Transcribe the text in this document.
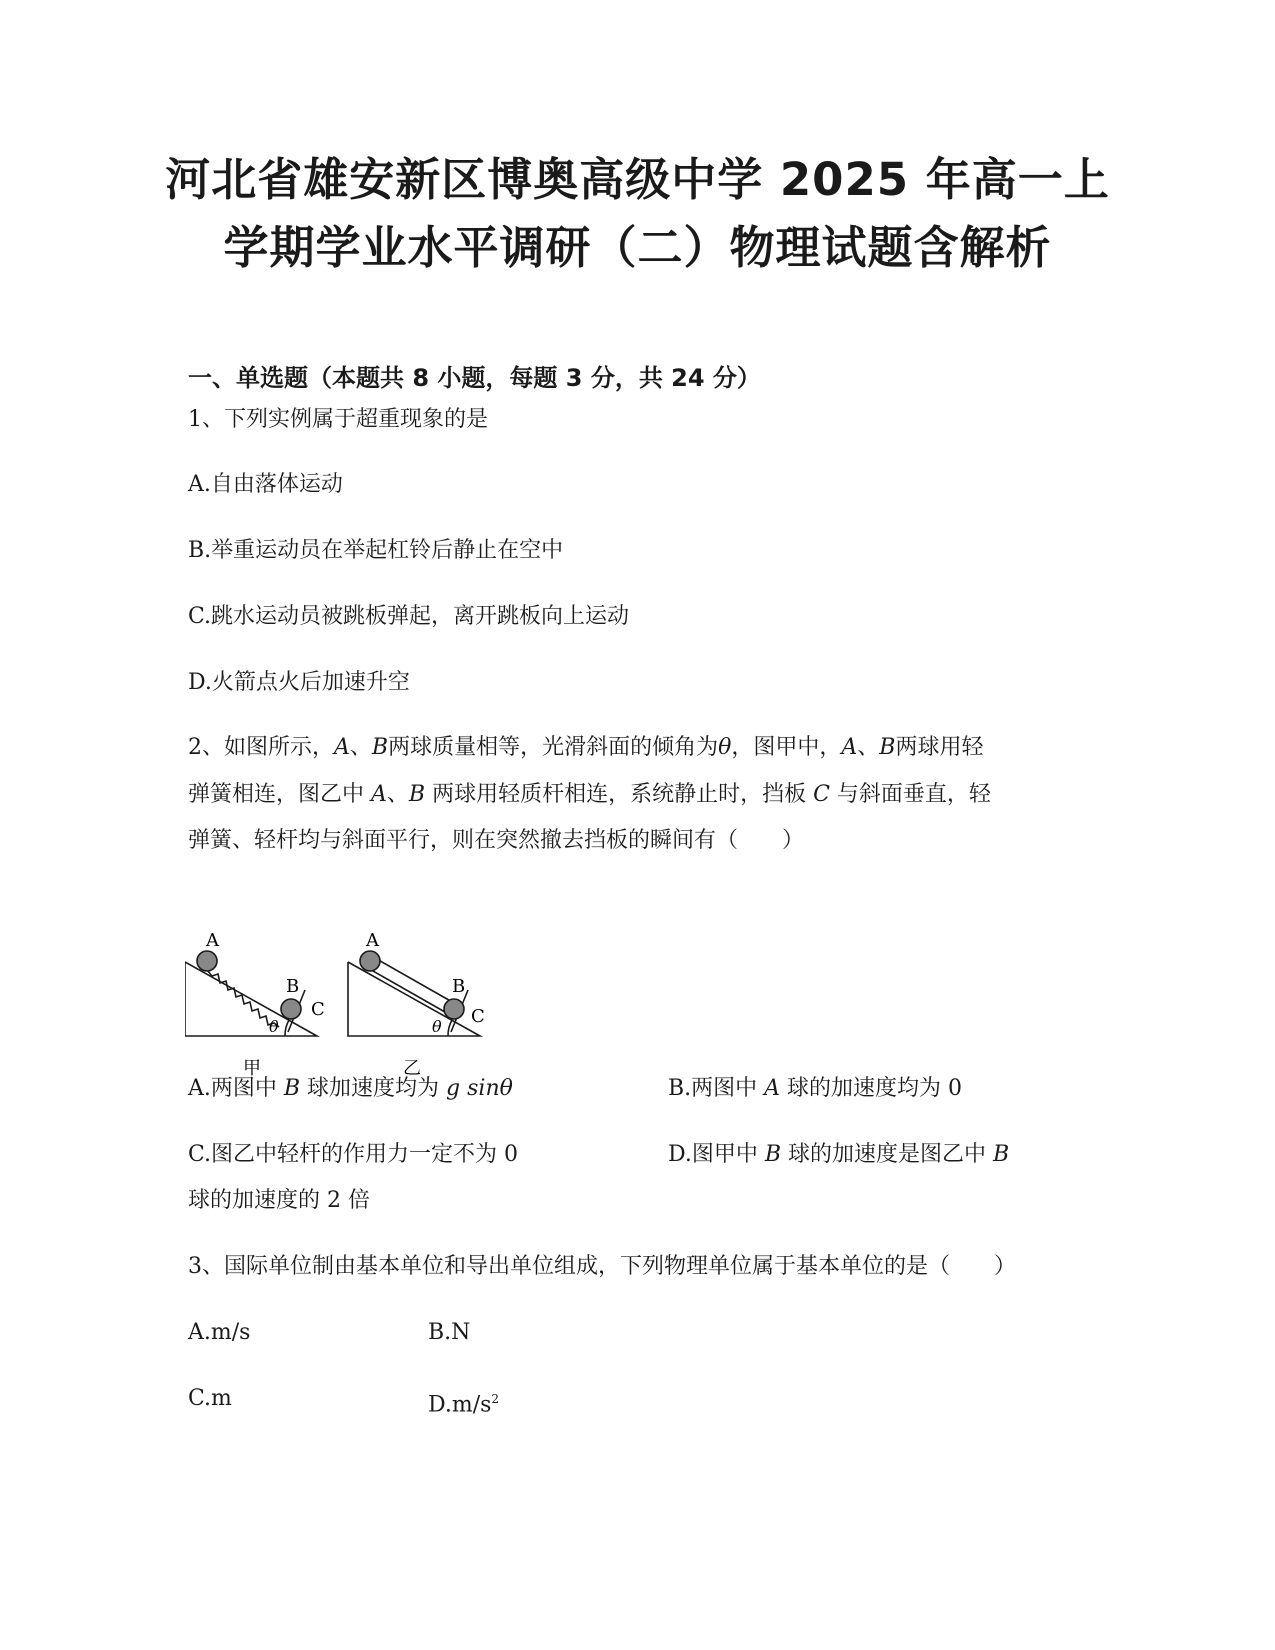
河北省雄安新区博奥高级中学 2025 年高一上
学期学业水平调研（二）物理试题含解析
一、单选题（本题共 8 小题，每题 3 分，共 24 分）
1、下列实例属于超重现象的是
A.自由落体运动
B.举重运动员在举起杠铃后静止在空中
C.跳水运动员被跳板弹起，离开跳板向上运动
D.火箭点火后加速升空
2、如图所示，A、B两球质量相等，光滑斜面的倾角为θ，图甲中，A、B两球用轻
弹簧相连，图乙中 A、B 两球用轻质杆相连，系统静止时，挡板 C 与斜面垂直，轻
弹簧、轻杆均与斜面平行，则在突然撤去挡板的瞬间有（　　）
A
B
C
θ
甲
A
B
C
θ
乙
A.两图中 B 球加速度均为 g sinθ	B.两图中 A 球的加速度均为 0
C.图乙中轻杆的作用力一定不为 0	D.图甲中 B 球的加速度是图乙中 B
球的加速度的 2 倍
3、国际单位制由基本单位和导出单位组成，下列物理单位属于基本单位的是（　　）
A.m/s	B.N
C.m	$D.m/s^2$
